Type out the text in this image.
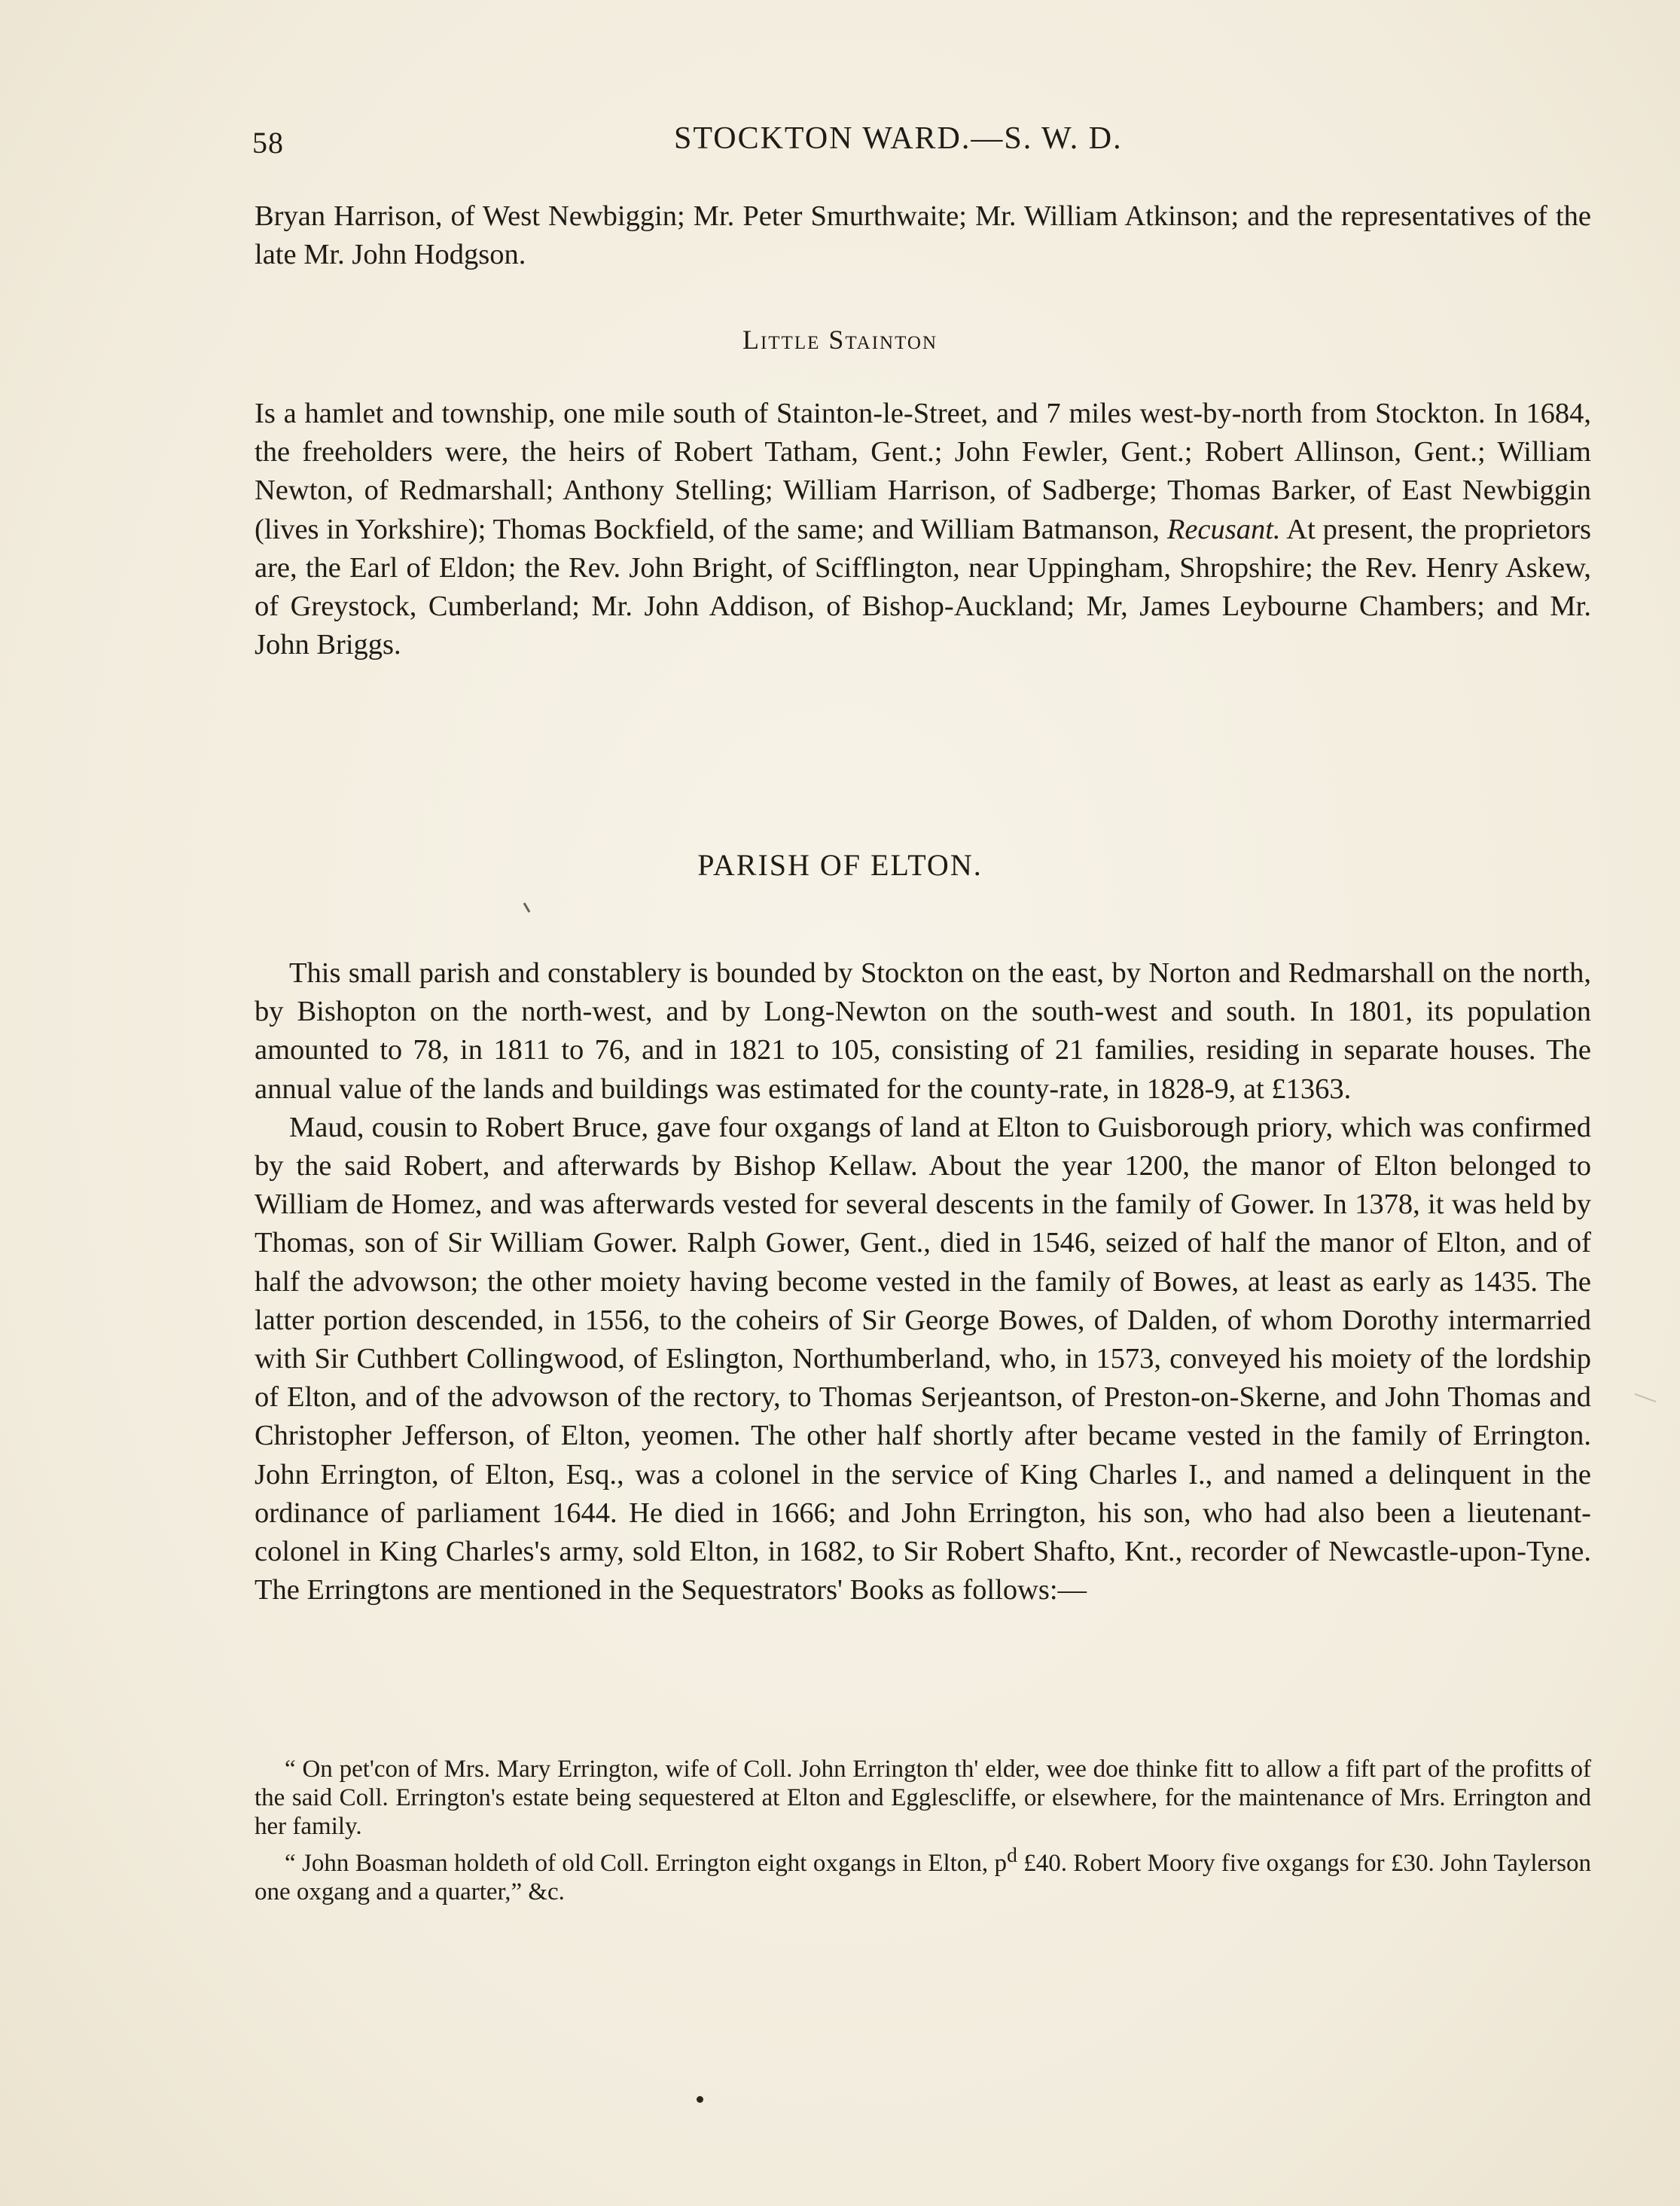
58	STOCKTON WARD.—S. W. D.

Bryan Harrison, of West Newbiggin; Mr. Peter Smurthwaite; Mr. William Atkinson; and the representatives of the late Mr. John Hodgson.

Little Stainton

Is a hamlet and township, one mile south of Stainton-le-Street, and 7 miles west-by-north from Stockton. In 1684, the freeholders were, the heirs of Robert Tatham, Gent.; John Fewler, Gent.; Robert Allinson, Gent.; William Newton, of Redmarshall; Anthony Stelling; William Harrison, of Sadberge; Thomas Barker, of East Newbiggin (lives in Yorkshire); Thomas Bockfield, of the same; and William Batmanson, Recusant. At present, the proprietors are, the Earl of Eldon; the Rev. John Bright, of Scifflington, near Uppingham, Shropshire; the Rev. Henry Askew, of Greystock, Cumberland; Mr. John Addison, of Bishop-Auckland; Mr, James Leybourne Chambers; and Mr. John Briggs.

PARISH OF ELTON.

This small parish and constablery is bounded by Stockton on the east, by Norton and Redmarshall on the north, by Bishopton on the north-west, and by Long-Newton on the south-west and south. In 1801, its population amounted to 78, in 1811 to 76, and in 1821 to 105, consisting of 21 families, residing in separate houses. The annual value of the lands and buildings was estimated for the county-rate, in 1828-9, at £1363.

Maud, cousin to Robert Bruce, gave four oxgangs of land at Elton to Guisborough priory, which was confirmed by the said Robert, and afterwards by Bishop Kellaw. About the year 1200, the manor of Elton belonged to William de Homez, and was afterwards vested for several descents in the family of Gower. In 1378, it was held by Thomas, son of Sir William Gower. Ralph Gower, Gent., died in 1546, seized of half the manor of Elton, and of half the advowson; the other moiety having become vested in the family of Bowes, at least as early as 1435. The latter portion descended, in 1556, to the coheirs of Sir George Bowes, of Dalden, of whom Dorothy intermarried with Sir Cuthbert Collingwood, of Eslington, Northumberland, who, in 1573, conveyed his moiety of the lordship of Elton, and of the advowson of the rectory, to Thomas Serjeantson, of Preston-on-Skerne, and John Thomas and Christopher Jefferson, of Elton, yeomen. The other half shortly after became vested in the family of Errington. John Errington, of Elton, Esq., was a colonel in the service of King Charles I., and named a delinquent in the ordinance of parliament 1644. He died in 1666; and John Errington, his son, who had also been a lieutenant-colonel in King Charles's army, sold Elton, in 1682, to Sir Robert Shafto, Knt., recorder of Newcastle-upon-Tyne. The Erringtons are mentioned in the Sequestrators' Books as follows:—

“ On pet'con of Mrs. Mary Errington, wife of Coll. John Errington th' elder, wee doe thinke fitt to allow a fift part of the profitts of the said Coll. Errington's estate being sequestered at Elton and Egglescliffe, or elsewhere, for the maintenance of Mrs. Errington and her family.

“ John Boasman holdeth of old Coll. Errington eight oxgangs in Elton, $p^d$ £40. Robert Moory five oxgangs for £30. John Taylerson one oxgang and a quarter,” &c.
